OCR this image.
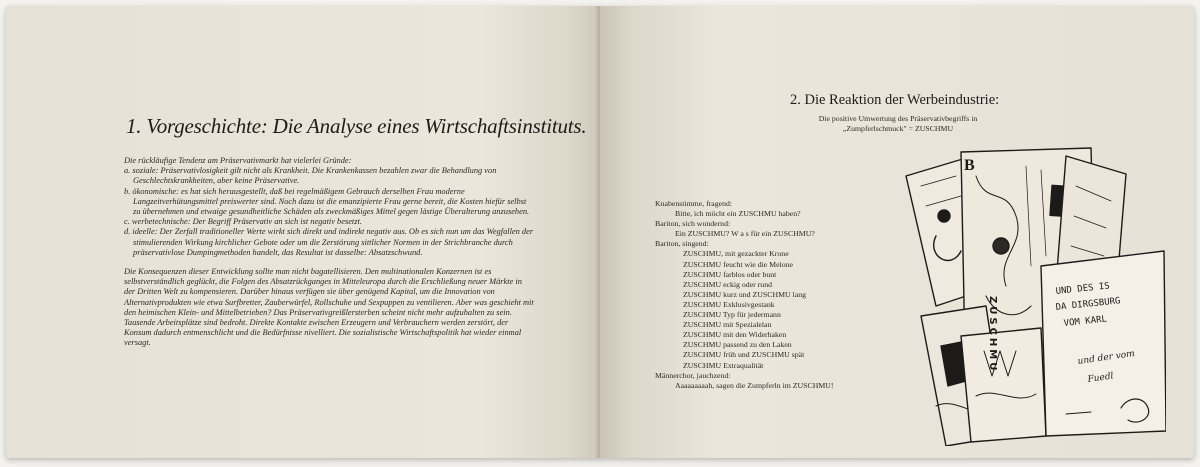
1. Vorgeschichte: Die Analyse eines Wirtschaftsinstituts.

Die rückläufige Tendenz am Präservativmarkt hat vielerlei Gründe:

a. soziale: Präservativlosigkeit gilt nicht als Krankheit. Die Krankenkassen bezahlen zwar die Behandlung von Geschlechtskrankheiten, aber keine Präservative.
b. ökonomische: es hat sich herausgestellt, daß bei regelmäßigem Gebrauch derselben Frau moderne Langzeitverhütungsmittel preiswerter sind. Noch dazu ist die emanzipierte Frau gerne bereit, die Kosten hiefür selbst zu übernehmen und etwaige gesundheitliche Schäden als zweckmäßiges Mittel gegen lästige Überalterung anzusehen.
c. werbetechnische: Der Begriff Präservativ an sich ist negativ besetzt.
d. ideelle: Der Zerfall traditioneller Werte wirkt sich direkt und indirekt negativ aus. Ob es sich nun um das Wegfallen der stimulierenden Wirkung kirchlicher Gebote oder um die Zerstörung sittlicher Normen in der Strichbranche durch präservativlose Dumpingmethoden handelt, das Resultat ist dasselbe: Absatzschwund.

Die Konsequenzen dieser Entwicklung sollte man nicht bagatellisieren. Den multinationalen Konzernen ist es selbstverständlich geglückt, die Folgen des Absatzrückganges in Mitteleuropa durch die Erschließung neuer Märkte in der Dritten Welt zu kompensieren. Darüber hinaus verfügen sie über genügend Kapital, um die Innovation von Alternativprodukten wie etwa Surfbretter, Zauberwürfel, Rollschuhe und Sexpuppen zu ventilieren. Aber was geschieht mit den heimischen Klein- und Mittelbetrieben? Das Präservativgreißlersterben scheint nicht mehr aufzuhalten zu sein. Tausende Arbeitsplätze sind bedroht. Direkte Kontakte zwischen Erzeugern und Verbrauchern werden zerstört, der Konsum dadurch entmenschlicht und die Bedürfnisse nivelliert. Die sozialistische Wirtschaftspolitik hat wieder einmal versagt.

2. Die Reaktion der Werbeindustrie:
Die positive Umwertung des Präservativbegriffs in „Zumpferlschmuck" = ZUSCHMU
Knabenstimme, fragend:
Bitte, ich möcht ein ZUSCHMU haben?
Bariton, sich wundernd:
Ein ZUSCHMU? W a s für ein ZUSCHMU?
Bariton, singend:
ZUSCHMU, mit gezackter Krone
ZUSCHMU feucht wie die Melone
ZUSCHMU farblos oder bunt
ZUSCHMU eckig oder rund
ZUSCHMU kurz und ZUSCHMU lang
ZUSCHMU Exklusivgestank
ZUSCHMU Typ für jedermann
ZUSCHMU mit Spezialelan
ZUSCHMU mit den Widerhaken
ZUSCHMU passend zu den Laken
ZUSCHMU früh und ZUSCHMU spät
ZUSCHMU Extraqualität
Männerchor, jauchzend:
Aaaaaaaaah, sagen die Zumpferln im ZUSCHMU!
B
UND DES IS
DA DIRGSBURG
VOM KARL
und der vom
Fuedl
ZUSCHMU
